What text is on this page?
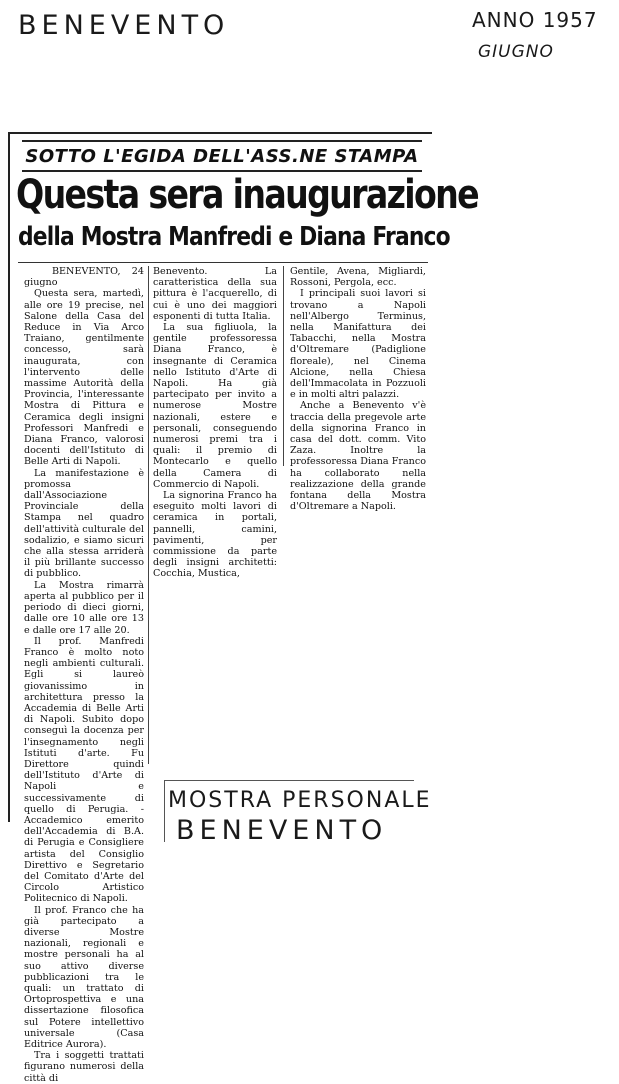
BENEVENTO	ANNO 1957
GIUGNO
SOTTO L'EGIDA DELL'ASS.NE STAMPA
Questa sera inaugurazione
della Mostra Manfredi e Diana Franco

BENEVENTO, 24 giugno

Questa sera, martedì, alle ore 19 precise, nel Salone della Casa del Reduce in Via Arco Traiano, gentilmente concesso, sarà inaugurata, con l'intervento delle massime Autorità della Provincia, l'interessante Mostra di Pittura e Ceramica degli insigni Professori Manfredi e Diana Franco, valorosi docenti dell'Istituto di Belle Arti di Napoli.

La manifestazione è promossa dall'Associazione Provinciale della Stampa nel quadro dell'attività culturale del sodalizio, e siamo sicuri che alla stessa arriderà il più brillante successo di pubblico.

La Mostra rimarrà aperta al pubblico per il periodo di dieci giorni, dalle ore 10 alle ore 13 e dalle ore 17 alle 20.

Il prof. Manfredi Franco è molto noto negli ambienti culturali. Egli si laureò giovanissimo in architettura presso la Accademia di Belle Arti di Napoli. Subito dopo conseguì la docenza per l'insegnamento negli Istituti d'arte. Fu Direttore quindi dell'Istituto d'Arte di Napoli e successivamente di quello di Perugia. - Accademico emerito dell'Accademia di B.A. di Perugia e Consigliere artista del Consiglio Direttivo e Segretario del Comitato d'Arte del Circolo Artistico Politecnico di Napoli.

Il prof. Franco che ha già partecipato a diverse Mostre nazionali, regionali e mostre personali ha al suo attivo diverse pubblicazioni tra le quali: un trattato di Ortoprospettiva e una dissertazione filosofica sul Potere intellettivo universale (Casa Editrice Aurora).

Tra i soggetti trattati figurano numerosi della città di

Benevento. La caratteristica della sua pittura è l'acquerello, di cui è uno dei maggiori esponenti di tutta Italia.

La sua figliuola, la gentile professoressa Diana Franco, è insegnante di Ceramica nello Istituto d'Arte di Napoli. Ha già partecipato per invito a numerose Mostre nazionali, estere e personali, conseguendo numerosi premi tra i quali: il premio di Montecarlo e quello della Camera di Commercio di Napoli.

La signorina Franco ha eseguito molti lavori di ceramica in portali, pannelli, camini, pavimenti, per commissione da parte degli insigni architetti: Cocchia, Mustica,

Gentile, Avena, Migliardi, Rossoni, Pergola, ecc.

I principali suoi lavori si trovano a Napoli nell'Albergo Terminus, nella Manifattura dei Tabacchi, nella Mostra d'Oltremare (Padiglione floreale), nel Cinema Alcione, nella Chiesa dell'Immacolata in Pozzuoli e in molti altri palazzi.

Anche a Benevento v'è traccia della pregevole arte della signorina Franco in casa del dott. comm. Vito Zaza. Inoltre la professoressa Diana Franco ha collaborato nella realizzazione della grande fontana della Mostra d'Oltremare a Napoli.

MOSTRA PERSONALE
BENEVENTO
